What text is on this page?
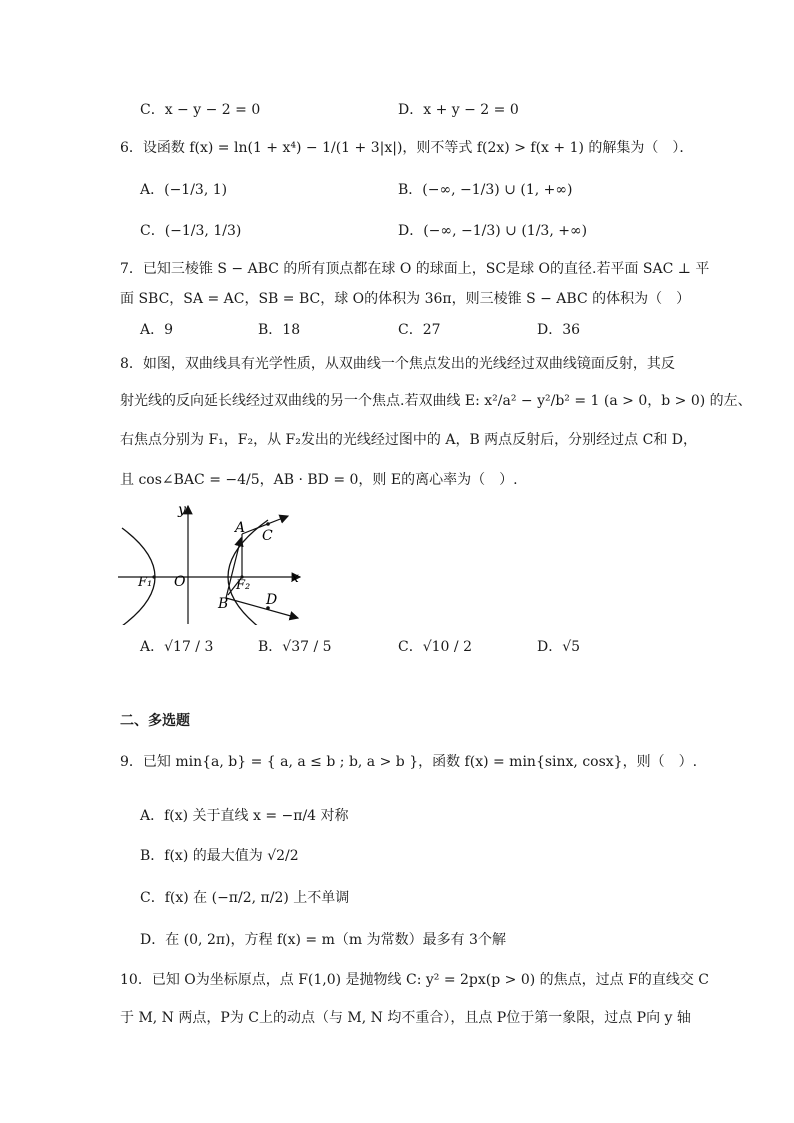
C．x − y − 2 = 0	D．x + y − 2 = 0
6．设函数 f(x) = ln(1 + x⁴) − 1/(1 + 3|x|)，则不等式 f(2x) > f(x + 1) 的解集为（　）．
A．(−1/3, 1)	B．(−∞, −1/3) ∪ (1, +∞)
C．(−1/3, 1/3)	D．(−∞, −1/3) ∪ (1/3, +∞)
7．已知三棱锥 S − ABC 的所有顶点都在球 O 的球面上，SC是球 O的直径.若平面 SAC ⊥ 平
面 SBC，SA = AC，SB = BC，球 O的体积为 36π，则三棱锥 S − ABC 的体积为（　）
A．9	B．18	C．27	D．36
8．如图，双曲线具有光学性质，从双曲线一个焦点发出的光线经过双曲线镜面反射，其反
射光线的反向延长线经过双曲线的另一个焦点.若双曲线 E: x²/a² − y²/b² = 1 (a > 0，b > 0) 的左、
右焦点分别为 F₁，F₂，从 F₂发出的光线经过图中的 A，B 两点反射后，分别经过点 C和 D，
且 cos∠BAC = −4/5，AB · BD = 0，则 E的离心率为（　）.
y
x
F₁ O	F₂
A
B
C
D
A．√17 / 3	B．√37 / 5	C．√10 / 2	D．√5
二、多选题
9．已知 min{a, b} = { a, a ≤ b ; b, a > b }，函数 f(x) = min{sinx, cosx}，则（　）.
A．f(x) 关于直线 x = −π/4 对称
B．f(x) 的最大值为 √2/2
C．f(x) 在 (−π/2, π/2) 上不单调
D．在 (0, 2π)，方程 f(x) = m（m 为常数）最多有 3个解
10．已知 O为坐标原点，点 F(1,0) 是抛物线 C: y² = 2px(p > 0) 的焦点，过点 F的直线交 C
于 M, N 两点，P为 C上的动点（与 M, N 均不重合），且点 P位于第一象限，过点 P向 y 轴
